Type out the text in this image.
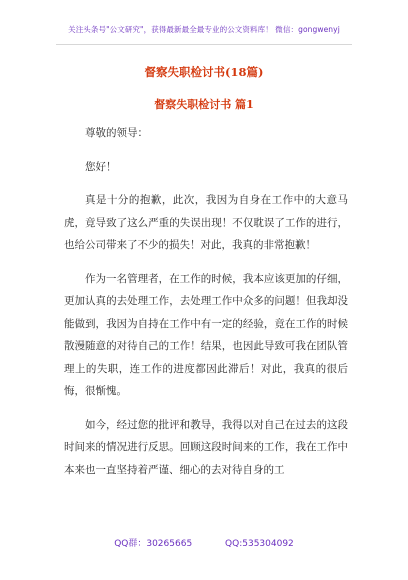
关注头条号"公文研究"，获得最新最全最专业的公文资料库！ 微信：gongwenyj
督察失职检讨书(18篇)
督察失职检讨书 篇1

尊敬的领导：

您好！

真是十分的抱歉，此次，我因为自身在工作中的大意马虎，竟导致了这么严重的失误出现！不仅耽误了工作的进行，也给公司带来了不少的损失！对此，我真的非常抱歉！

作为一名管理者，在工作的时候，我本应该更加的仔细，更加认真的去处理工作，去处理工作中众多的问题！但我却没能做到，我因为自持在工作中有一定的经验，竟在工作的时候散漫随意的对待自己的工作！结果，也因此导致可我在团队管理上的失职，连工作的进度都因此滞后！对此，我真的很后悔，很惭愧。

如今，经过您的批评和教导，我得以对自己在过去的这段时间来的情况进行反思。回顾这段时间来的工作，我在工作中本来也一直坚持着严谨、细心的去对待自身的工

QQ群：30265665	QQ:535304092
